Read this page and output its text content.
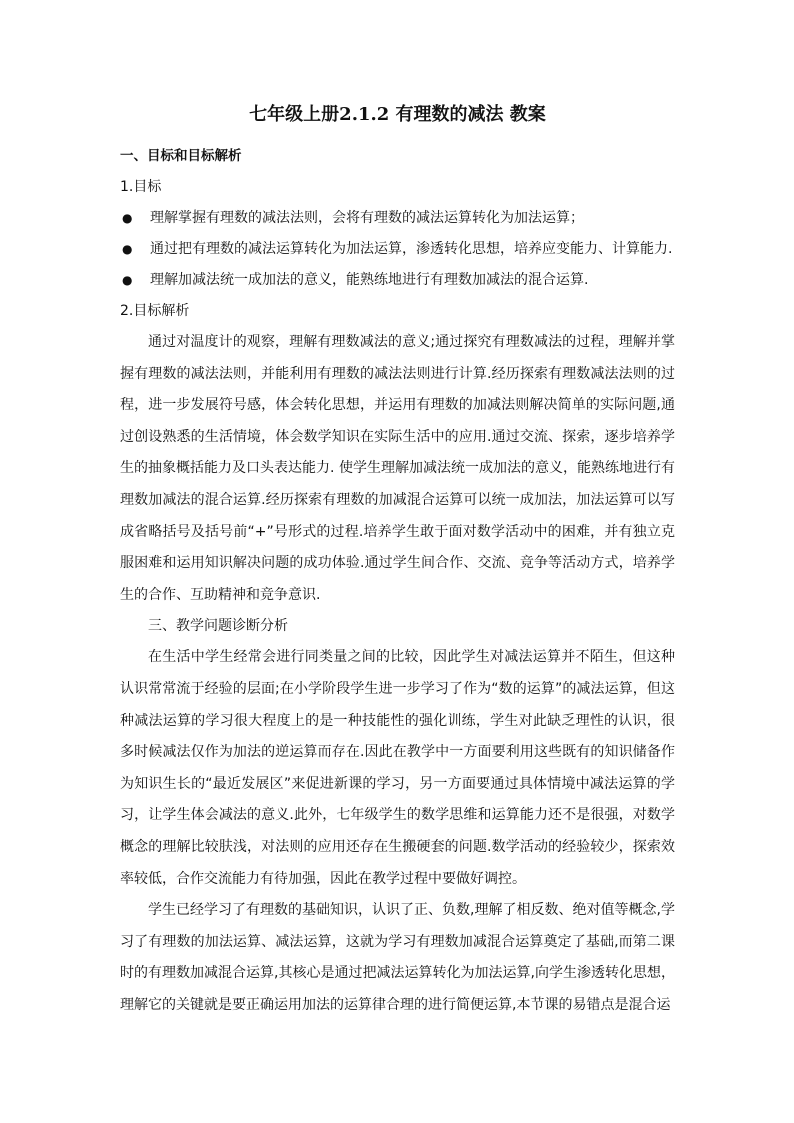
七年级上册2.1.2 有理数的减法 教案
一、目标和目标解析
1.目标
● 理解掌握有理数的减法法则，会将有理数的减法运算转化为加法运算；
● 通过把有理数的减法运算转化为加法运算，渗透转化思想，培养应变能力、计算能力.
● 理解加减法统一成加法的意义，能熟练地进行有理数加减法的混合运算.
2.目标解析

通过对温度计的观察，理解有理数减法的意义;通过探究有理数减法的过程，理解并掌握有理数的减法法则，并能利用有理数的减法法则进行计算.经历探索有理数减法法则的过程，进一步发展符号感，体会转化思想，并运用有理数的加减法则解决简单的实际问题,通过创设熟悉的生活情境，体会数学知识在实际生活中的应用.通过交流、探索，逐步培养学生的抽象概括能力及口头表达能力. 使学生理解加减法统一成加法的意义，能熟练地进行有理数加减法的混合运算.经历探索有理数的加减混合运算可以统一成加法，加法运算可以写成省略括号及括号前“+”号形式的过程.培养学生敢于面对数学活动中的困难，并有独立克服困难和运用知识解决问题的成功体验.通过学生间合作、交流、竞争等活动方式，培养学生的合作、互助精神和竞争意识.

三、教学问题诊断分析

在生活中学生经常会进行同类量之间的比较，因此学生对减法运算并不陌生，但这种认识常常流于经验的层面;在小学阶段学生进一步学习了作为“数的运算”的减法运算，但这种减法运算的学习很大程度上的是一种技能性的强化训练，学生对此缺乏理性的认识，很多时候减法仅作为加法的逆运算而存在.因此在教学中一方面要利用这些既有的知识储备作为知识生长的“最近发展区”来促进新课的学习，另一方面要通过具体情境中减法运算的学习，让学生体会减法的意义.此外，七年级学生的数学思维和运算能力还不是很强，对数学概念的理解比较肤浅，对法则的应用还存在生搬硬套的问题.数学活动的经验较少，探索效率较低，合作交流能力有待加强，因此在教学过程中要做好调控。

学生已经学习了有理数的基础知识，认识了正、负数,理解了相反数、绝对值等概念,学习了有理数的加法运算、减法运算，这就为学习有理数加减混合运算奠定了基础,而第二课时的有理数加减混合运算,其核心是通过把减法运算转化为加法运算,向学生渗透转化思想，理解它的关键就是要正确运用加法的运算律合理的进行简便运算,本节课的易错点是混合运
